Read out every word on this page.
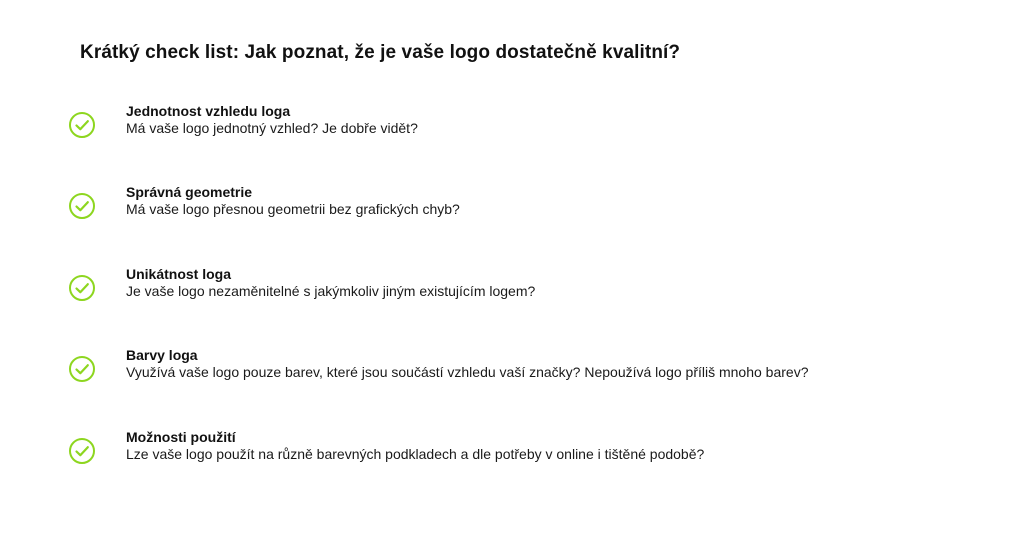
Krátký check list: Jak poznat, že je vaše logo dostatečně kvalitní?
Jednotnost vzhledu loga
Má vaše logo jednotný vzhled? Je dobře vidět?
Správná geometrie
Má vaše logo přesnou geometrii bez grafických chyb?
Unikátnost loga
Je vaše logo nezaměnitelné s jakýmkoliv jiným existujícím logem?
Barvy loga
Využívá vaše logo pouze barev, které jsou součástí vzhledu vaší značky? Nepoužívá logo příliš mnoho barev?
Možnosti použití
Lze vaše logo použít na různě barevných podkladech a dle potřeby v online i tištěné podobě?
